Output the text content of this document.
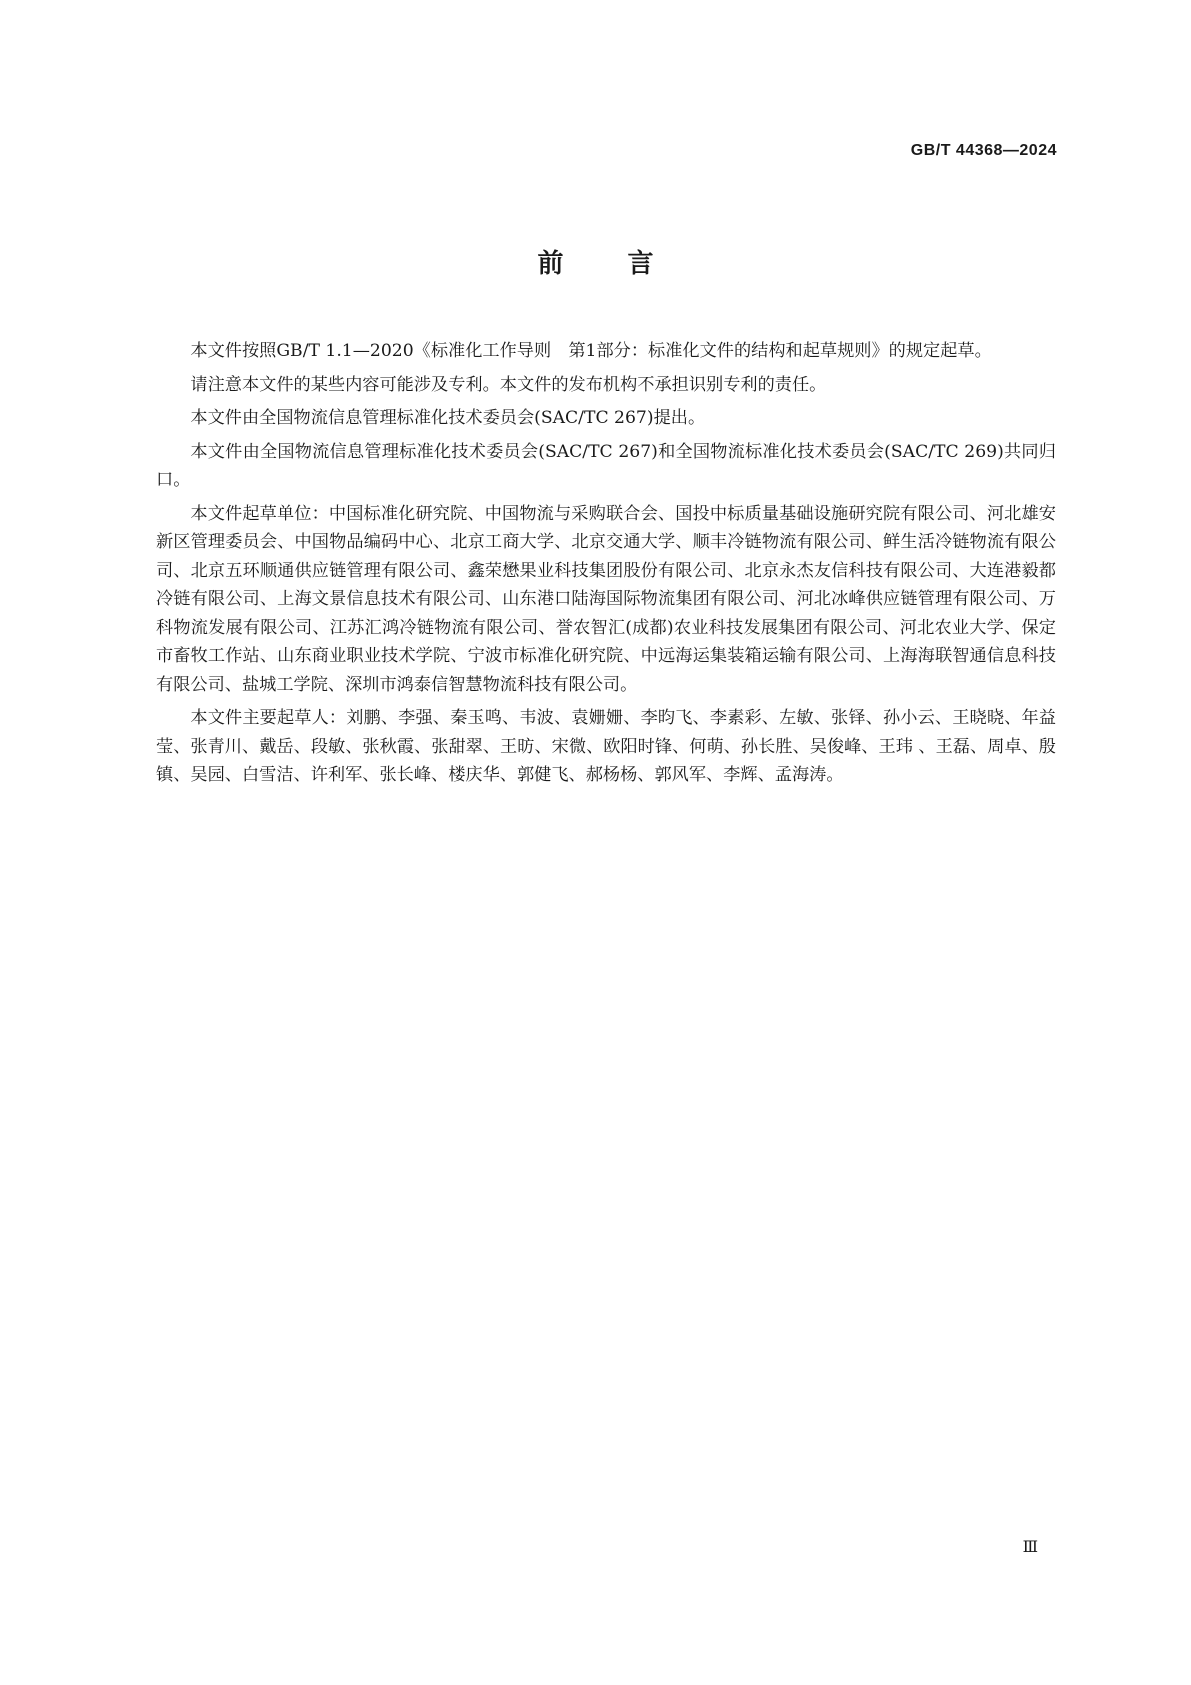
GB/T 44368—2024
前言

本文件按照GB/T 1.1—2020《标准化工作导则　第1部分：标准化文件的结构和起草规则》的规定起草。

请注意本文件的某些内容可能涉及专利。本文件的发布机构不承担识别专利的责任。

本文件由全国物流信息管理标准化技术委员会(SAC/TC 267)提出。

本文件由全国物流信息管理标准化技术委员会(SAC/TC 267)和全国物流标准化技术委员会(SAC/TC 269)共同归口。

本文件起草单位：中国标准化研究院、中国物流与采购联合会、国投中标质量基础设施研究院有限公司、河北雄安新区管理委员会、中国物品编码中心、北京工商大学、北京交通大学、顺丰冷链物流有限公司、鲜生活冷链物流有限公司、北京五环顺通供应链管理有限公司、鑫荣懋果业科技集团股份有限公司、北京永杰友信科技有限公司、大连港毅都冷链有限公司、上海文景信息技术有限公司、山东港口陆海国际物流集团有限公司、河北冰峰供应链管理有限公司、万科物流发展有限公司、江苏汇鸿冷链物流有限公司、誉农智汇(成都)农业科技发展集团有限公司、河北农业大学、保定市畜牧工作站、山东商业职业技术学院、宁波市标准化研究院、中远海运集装箱运输有限公司、上海海联智通信息科技有限公司、盐城工学院、深圳市鸿泰信智慧物流科技有限公司。

本文件主要起草人：刘鹏、李强、秦玉鸣、韦波、袁姗姗、李昀飞、李素彩、左敏、张铎、孙小云、王晓晓、年益莹、张青川、戴岳、段敏、张秋霞、张甜翠、王昉、宋微、欧阳时锋、何萌、孙长胜、吴俊峰、王玮 、王磊、周卓、殷镇、吴园、白雪洁、许利军、张长峰、楼庆华、郭健飞、郝杨杨、郭风军、李辉、孟海涛。

Ⅲ
